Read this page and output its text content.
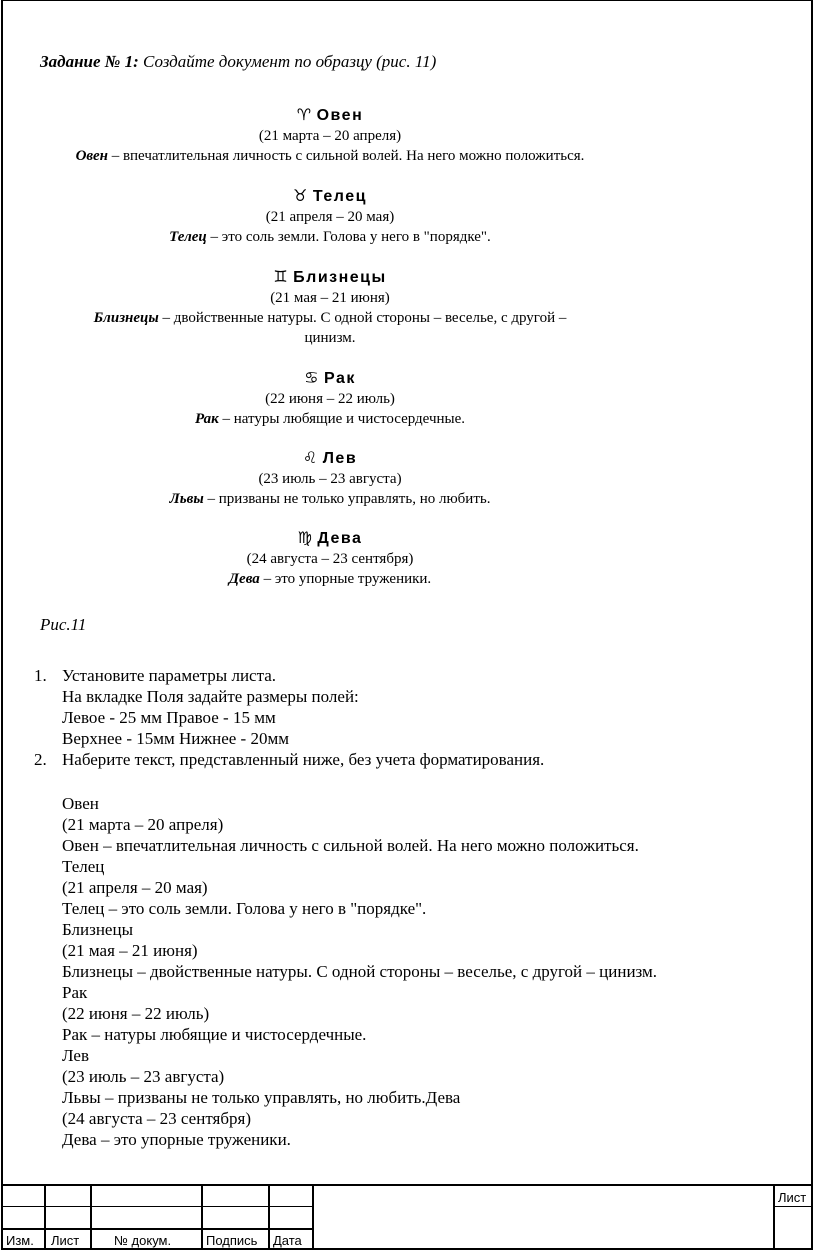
Задание № 1: Создайте документ по образцу (рис. 11)
♈ Овен
(21 марта – 20 апреля)
Овен – впечатлительная личность с сильной волей. На него можно положиться.
♉ Телец
(21 апреля – 20 мая)
Телец – это соль земли. Голова у него в "порядке".
♊ Близнецы
(21 мая – 21 июня)
Близнецы – двойственные натуры. С одной стороны – веселье, с другой –
цинизм.
♋ Рак
(22 июня – 22 июль)
Рак – натуры любящие и чистосердечные.
♌ Лев
(23 июль – 23 августа)
Львы – призваны не только управлять, но любить.
♍ Дева
(24 августа – 23 сентября)
Дева – это упорные труженики.
Рис.11
1. Установите параметры листа.
На вкладке Поля задайте размеры полей:
Левое - 25 мм Правое - 15 мм
Верхнее - 15мм Нижнее - 20мм
2. Наберите текст, представленный ниже, без учета форматирования.
Овен
(21 марта – 20 апреля)
Овен – впечатлительная личность с сильной волей. На него можно положиться.
Телец
(21 апреля – 20 мая)
Телец – это соль земли. Голова у него в "порядке".
Близнецы
(21 мая – 21 июня)
Близнецы – двойственные натуры. С одной стороны – веселье, с другой – цинизм.
Рак
(22 июня – 22 июль)
Рак – натуры любящие и чистосердечные.
Лев
(23 июль – 23 августа)
Львы – призваны не только управлять, но любить.Дева
(24 августа – 23 сентября)
Дева – это упорные труженики.
Изм. Лист	№ докум.	Подпись Дата
Лист
